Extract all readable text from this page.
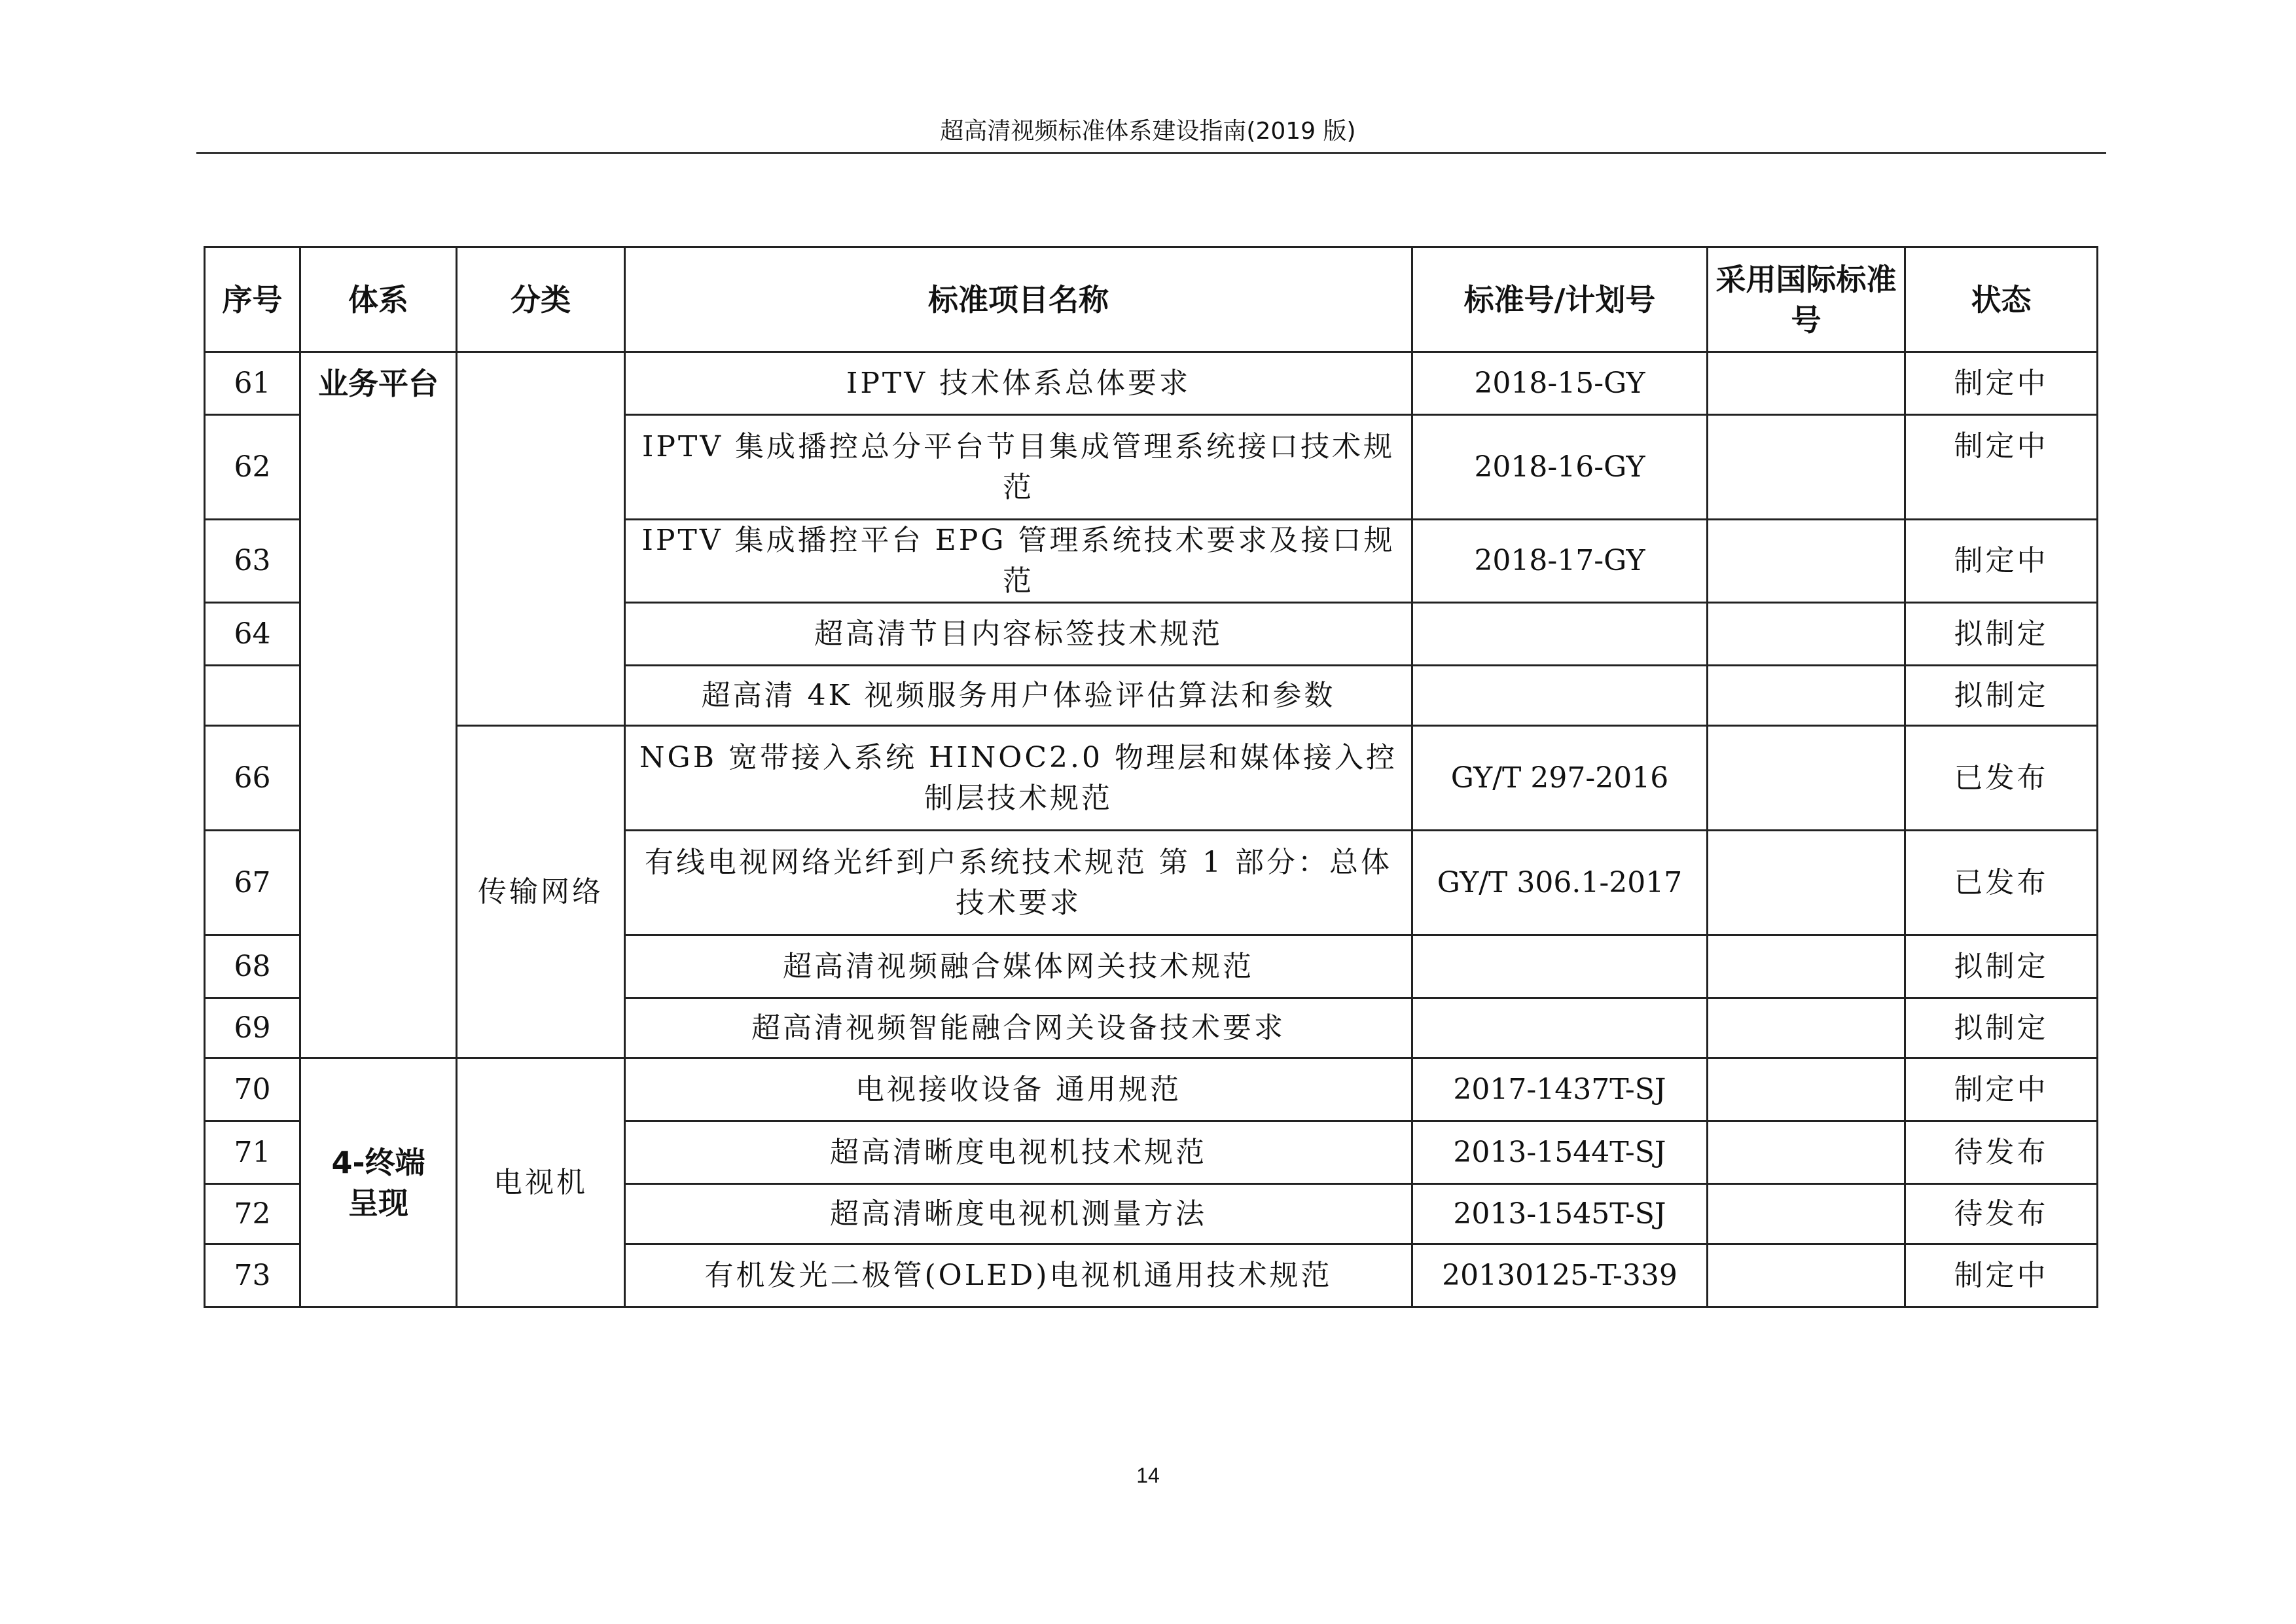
超高清视频标准体系建设指南(2019 版)
序号	体系	分类	标准项目名称	标准号/计划号	采用国际标准号	状态
61	业务平台		IPTV 技术体系总体要求	2018-15-GY		制定中
62			IPTV 集成播控总分平台节目集成管理系统接口技术规范	2018-16-GY		制定中
63			IPTV 集成播控平台 EPG 管理系统技术要求及接口规范	2018-17-GY		制定中
64			超高清节目内容标签技术规范			拟制定
			超高清 4K 视频服务用户体验评估算法和参数			拟制定
66		传输网络	NGB 宽带接入系统 HINOC2.0 物理层和媒体接入控制层技术规范	GY/T 297-2016		已发布
67			有线电视网络光纤到户系统技术规范 第 1 部分：总体技术要求	GY/T 306.1-2017		已发布
68			超高清视频融合媒体网关技术规范			拟制定
69			超高清视频智能融合网关设备技术要求			拟制定
70	4-终端呈现	电视机	电视接收设备 通用规范	2017-1437T-SJ		制定中
71			超高清晰度电视机技术规范	2013-1544T-SJ		待发布
72			超高清晰度电视机测量方法	2013-1545T-SJ		待发布
73			有机发光二极管(OLED)电视机通用技术规范	20130125-T-339		制定中
14
